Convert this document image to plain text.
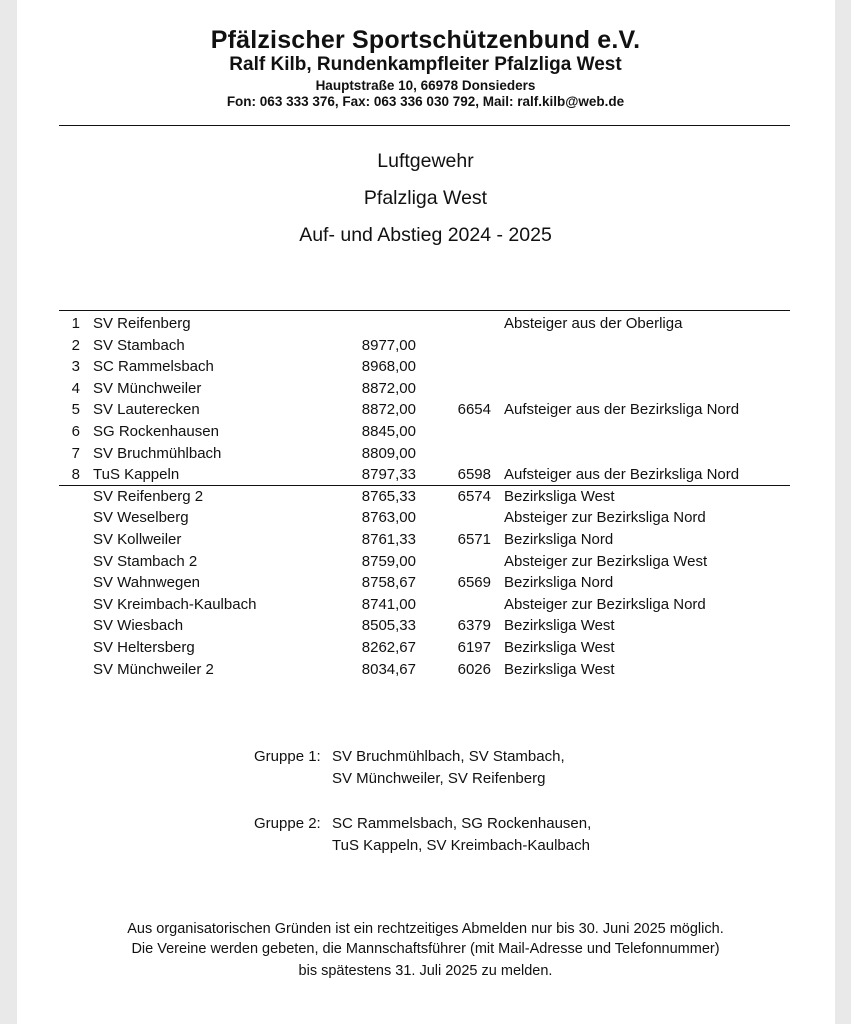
Pfälzischer Sportschützenbund e.V.
Ralf Kilb, Rundenkampfleiter Pfalzliga West
Hauptstraße 10, 66978 Donsieders
Fon: 063 333 376, Fax: 063 336 030 792, Mail: ralf.kilb@web.de
Luftgewehr
Pfalzliga West
Auf- und Abstieg 2024 - 2025
1 SV Reifenberg	Absteiger aus der Oberliga
2 SV Stambach	8977,00
3 SC Rammelsbach	8968,00
4 SV Münchweiler	8872,00
5 SV Lauterecken	8872,00	6654 Aufsteiger aus der Bezirksliga Nord
6 SG Rockenhausen	8845,00
7 SV Bruchmühlbach	8809,00
8 TuS Kappeln	8797,33	6598 Aufsteiger aus der Bezirksliga Nord
SV Reifenberg 2	8765,33	6574 Bezirksliga West
SV Weselberg	8763,00	Absteiger zur Bezirksliga Nord
SV Kollweiler	8761,33	6571 Bezirksliga Nord
SV Stambach 2	8759,00	Absteiger zur Bezirksliga West
SV Wahnwegen	8758,67	6569 Bezirksliga Nord
SV Kreimbach-Kaulbach	8741,00	Absteiger zur Bezirksliga Nord
SV Wiesbach	8505,33	6379 Bezirksliga West
SV Heltersberg	8262,67	6197 Bezirksliga West
SV Münchweiler 2	8034,67	6026 Bezirksliga West
Gruppe 1: SV Bruchmühlbach, SV Stambach,
SV Münchweiler, SV Reifenberg
Gruppe 2: SC Rammelsbach, SG Rockenhausen,
TuS Kappeln, SV Kreimbach-Kaulbach
Aus organisatorischen Gründen ist ein rechtzeitiges Abmelden nur bis 30. Juni 2025 möglich.
Die Vereine werden gebeten, die Mannschaftsführer (mit Mail-Adresse und Telefonnummer)
bis spätestens 31. Juli 2025 zu melden.
